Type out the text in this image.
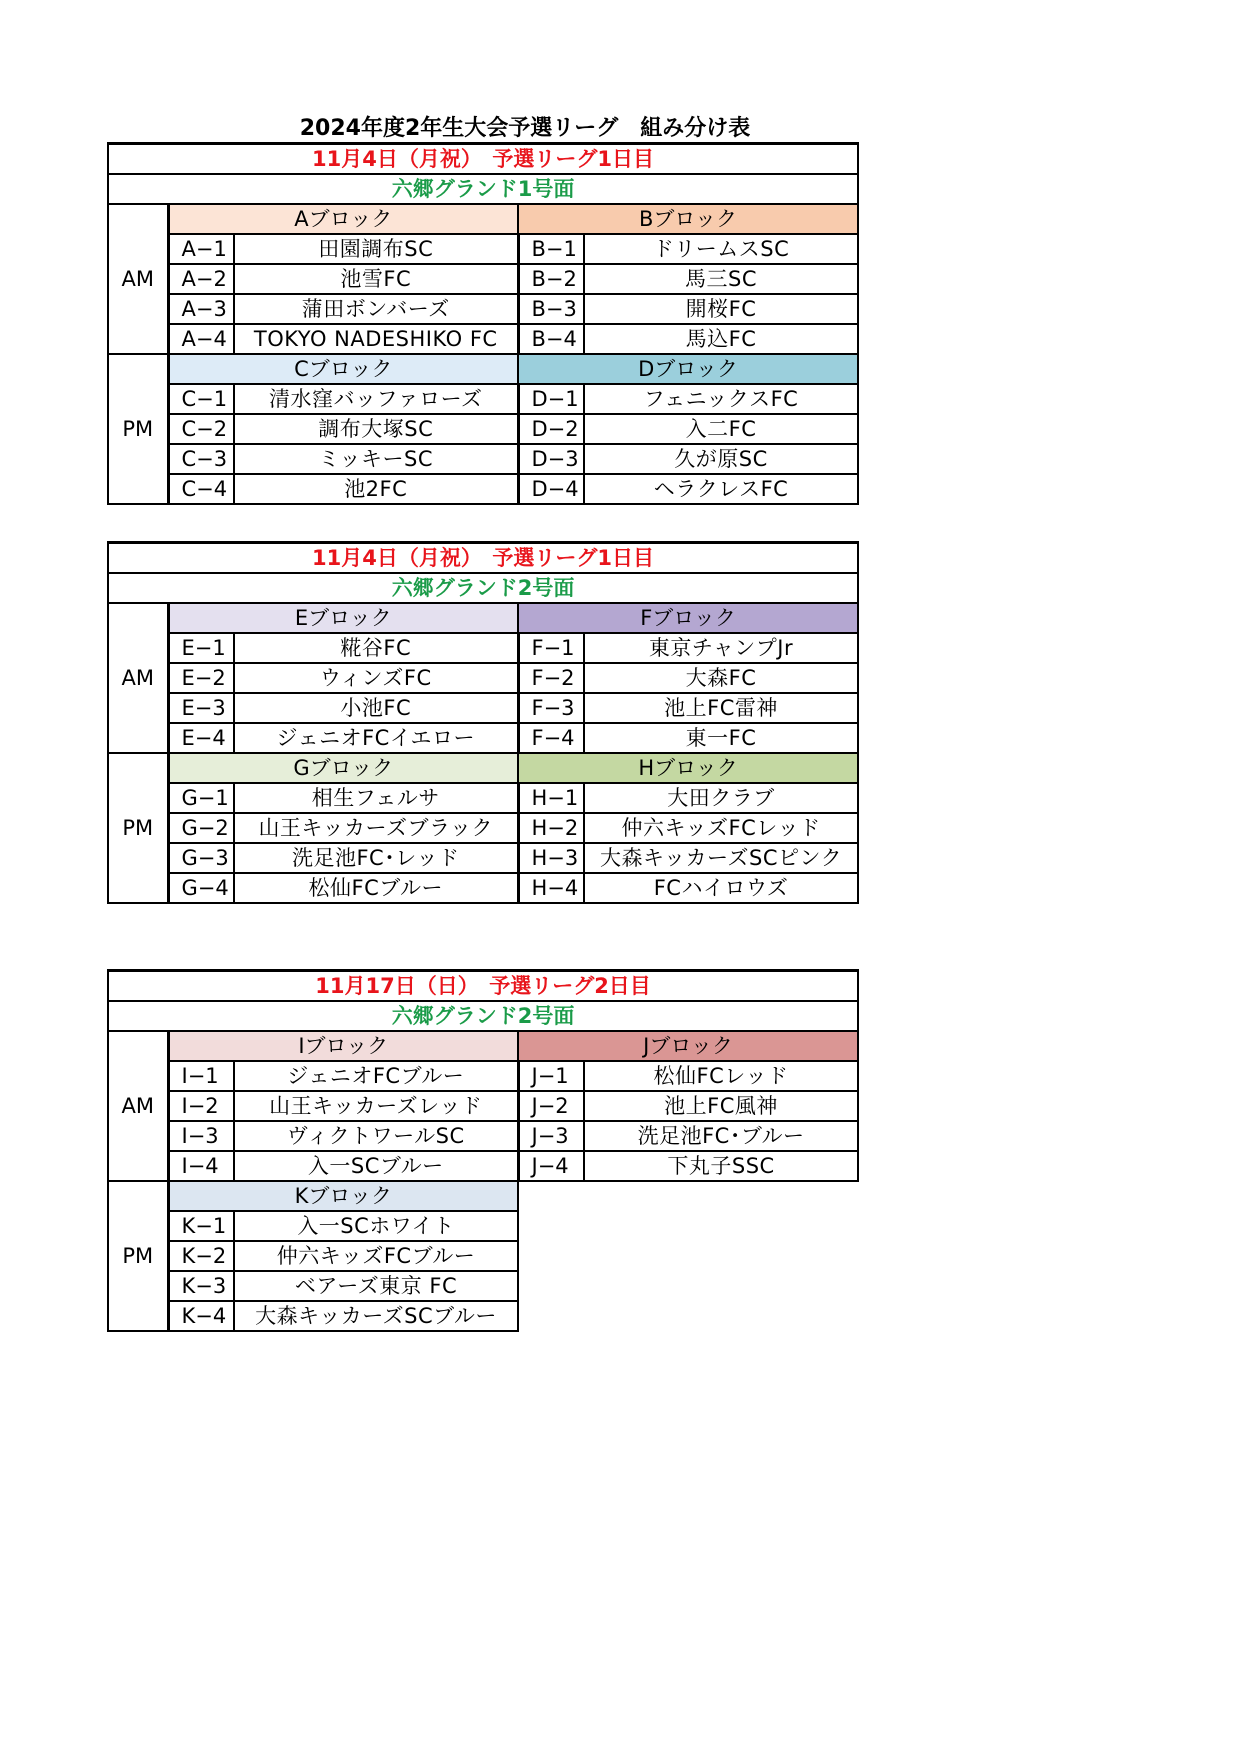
2024年度2年生大会予選リーグ　組み分け表
11月4日（月祝）　予選リーグ1日目				
六郷グランド1号面				
AM	Aブロック		Bブロック	
	A−1	田園調布SC	B−1	ドリームスSC
	A−2	池雪FC	B−2	馬三SC
	A−3	蒲田ボンバーズ	B−3	開桜FC
	A−4	TOKYO NADESHIKO FC	B−4	馬込FC
PM	Cブロック		Dブロック	
	C−1	清水窪バッファローズ	D−1	フェニックスFC
	C−2	調布大塚SC	D−2	入二FC
	C−3	ミッキーSC	D−3	久が原SC
	C−4	池2FC	D−4	ヘラクレスFC
11月4日（月祝）　予選リーグ1日目				
六郷グランド2号面				
AM	Eブロック		Fブロック	
	E−1	糀谷FC	F−1	東京チャンプJr
	E−2	ウィンズFC	F−2	大森FC
	E−3	小池FC	F−3	池上FC雷神
	E−4	ジェニオFCイエロー	F−4	東一FC
PM	Gブロック		Hブロック	
	G−1	相生フェルサ	H−1	大田クラブ
	G−2	山王キッカーズブラック	H−2	仲六キッズFCレッド
	G−3	洗足池FC･レッド	H−3	大森キッカーズSCピンク
	G−4	松仙FCブルー	H−4	FCハイロウズ
11月17日（日）　予選リーグ2日目				
六郷グランド2号面				
AM	Iブロック		Jブロック	
	I−1	ジェニオFCブルー	J−1	松仙FCレッド
	I−2	山王キッカーズレッド	J−2	池上FC風神
	I−3	ヴィクトワールSC	J−3	洗足池FC･ブルー
	I−4	入一SCブルー	J−4	下丸子SSC
PM	Kブロック			
	K−1	入一SCホワイト		
	K−2	仲六キッズFCブルー		
	K−3	ベアーズ東京 FC		
	K−4	大森キッカーズSCブルー		
